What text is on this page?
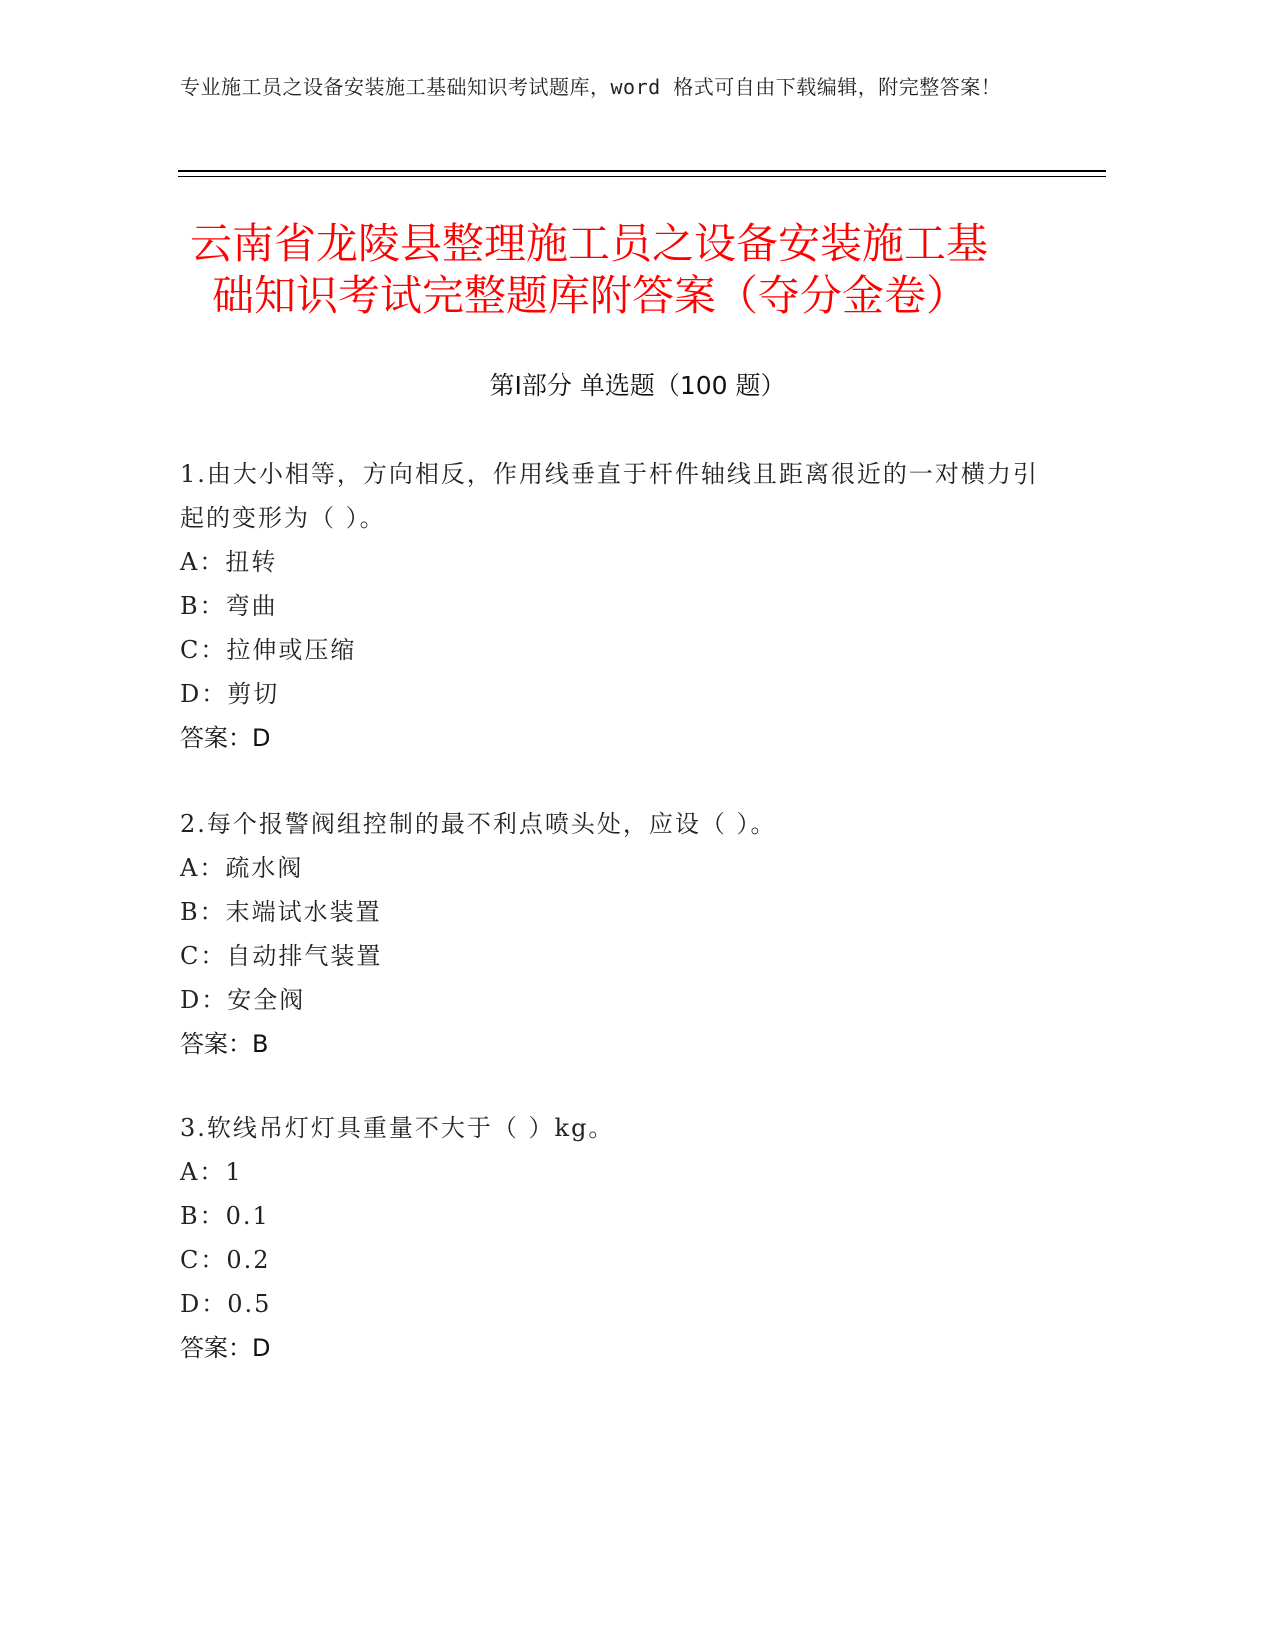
专业施工员之设备安装施工基础知识考试题库，word 格式可自由下载编辑，附完整答案！
云南省龙陵县整理施工员之设备安装施工基
础知识考试完整题库附答案（夺分金卷）
第Ⅰ部分 单选题（100 题）
1.由大小相等，方向相反，作用线垂直于杆件轴线且距离很近的一对横力引起的变形为（ ）。
A：扭转
B：弯曲
C：拉伸或压缩
D：剪切
答案：D
2.每个报警阀组控制的最不利点喷头处，应设（ ）。
A：疏水阀
B：末端试水装置
C：自动排气装置
D：安全阀
答案：B
3.软线吊灯灯具重量不大于（ ）kg。
A：1
B：0.1
C：0.2
D：0.5
答案：D
